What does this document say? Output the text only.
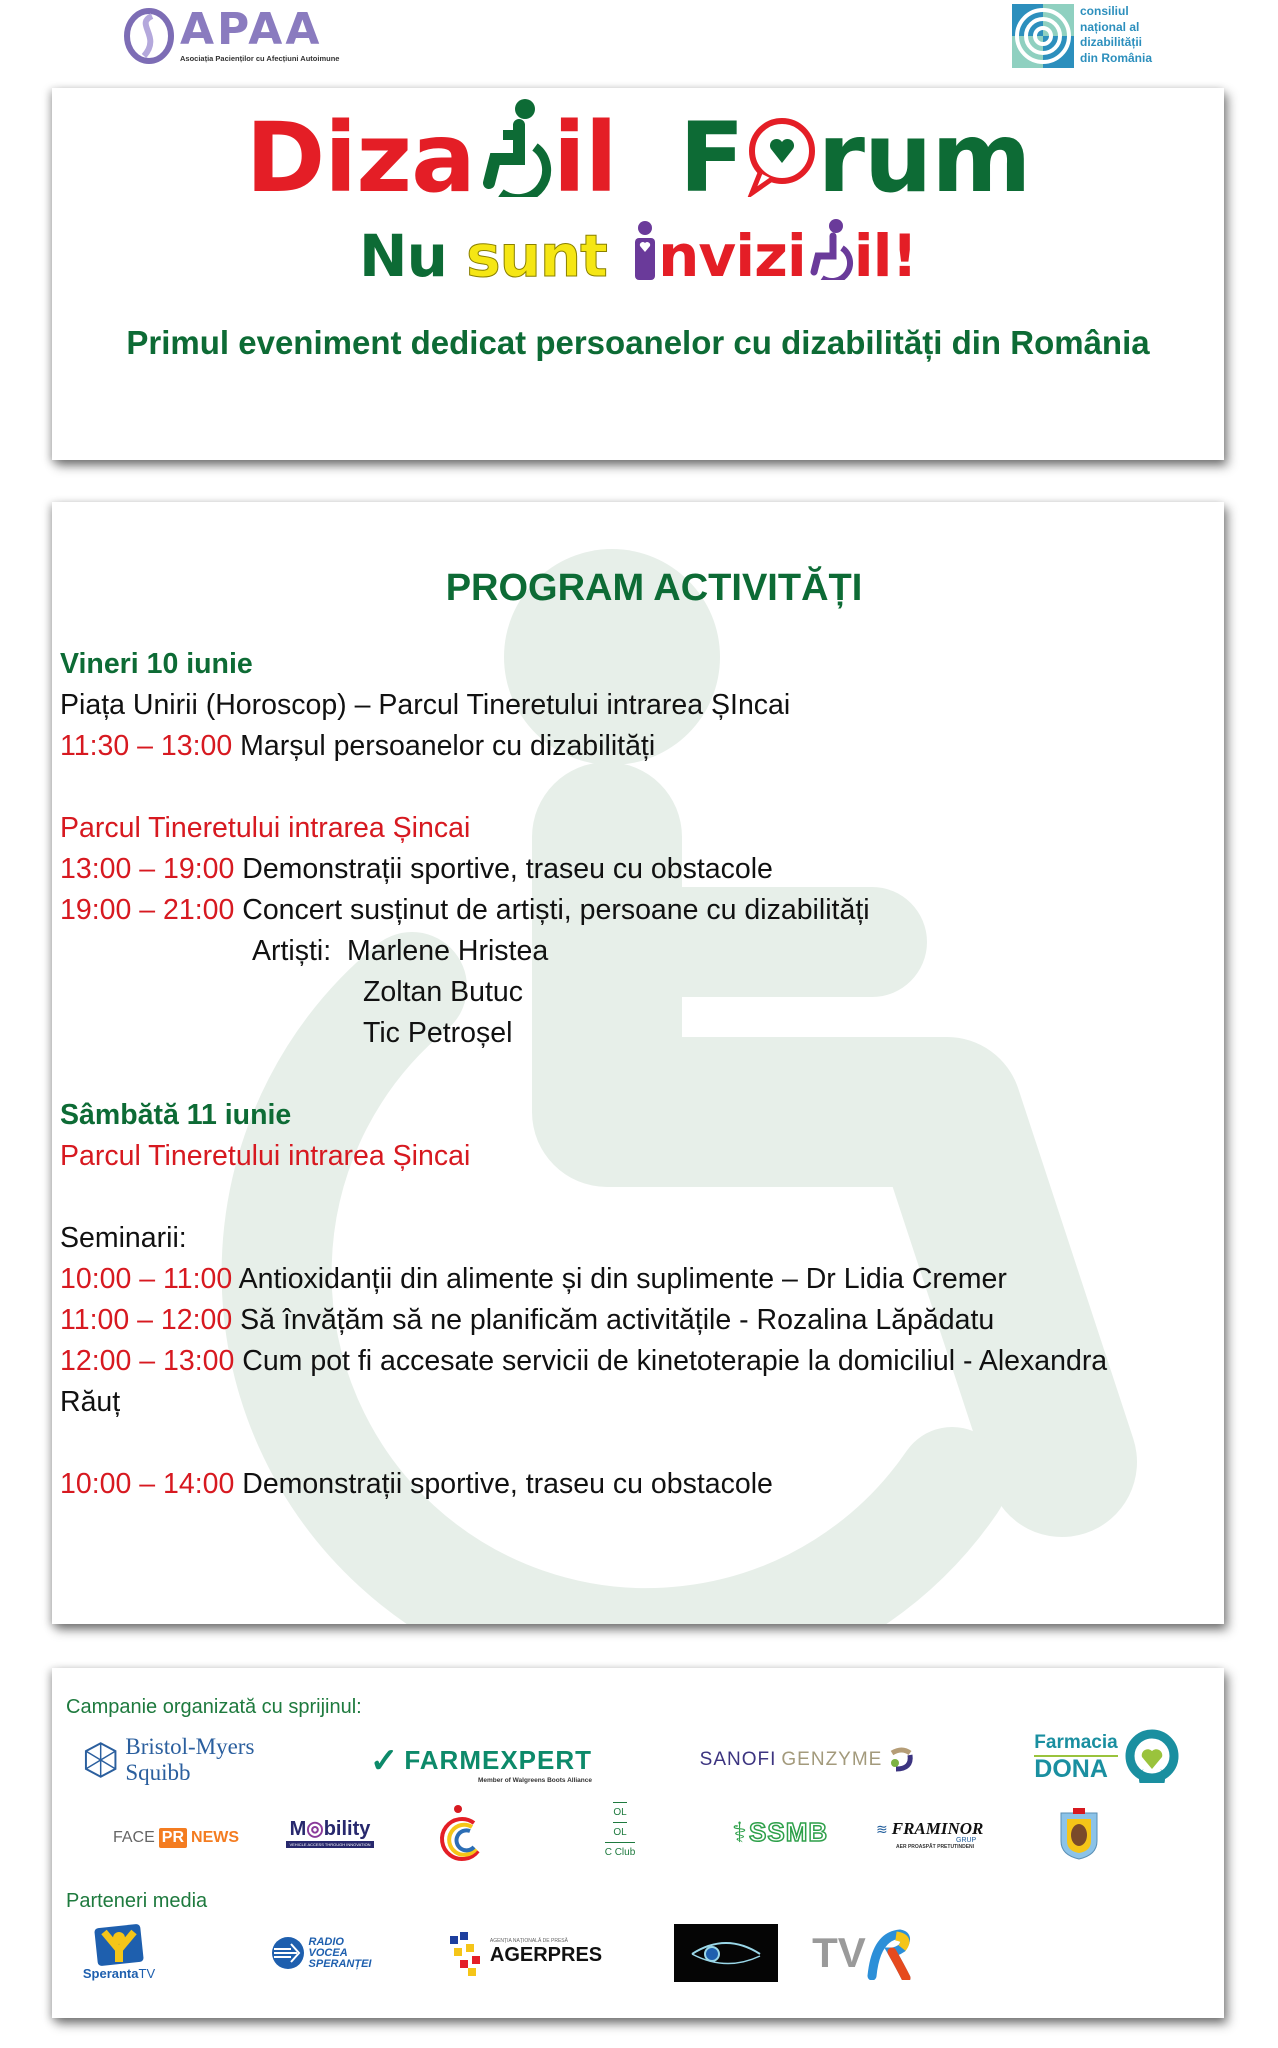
APAA
Asociația Pacienților cu Afecțiuni Autoimune
consiliul
național al
dizabilității
din România
Diza il F rum
Nu sunt nvizi il!
Primul eveniment dedicat persoanelor cu dizabilități din România
PROGRAM ACTIVITĂȚI
Vineri 10 iunie
Piața Unirii (Horoscop) – Parcul Tineretului intrarea ȘIncai
11:30 – 13:00 Marșul persoanelor cu dizabilități
Parcul Tineretului intrarea Șincai
13:00 – 19:00 Demonstrații sportive, traseu cu obstacole
19:00 – 21:00 Concert susținut de artiști, persoane cu dizabilități
Artiști: Marlene Hristea
Zoltan Butuc
Tic Petroșel
Sâmbătă 11 iunie
Parcul Tineretului intrarea Șincai
Seminarii:
10:00 – 11:00 Antioxidanții din alimente și din suplimente – Dr Lidia Cremer
11:00 – 12:00 Să învățăm să ne planificăm activitățile - Rozalina Lăpădatu
12:00 – 13:00 Cum pot fi accesate servicii de kinetoterapie la domiciliul - Alexandra
Răuț
10:00 – 14:00 Demonstrații sportive, traseu cu obstacole
Campanie organizată cu sprijinul:
Bristol-Myers Squibb	✓ FARMEXPERT
Member of Walgreens Boots Alliance
SANOFI GENZYME
Farmacia
DONA
FACE PR NEWS	M◎bility
VEHICLE ACCESS THROUGH INNOVATION
OL
OL
C Club
⚕ SSMB	≋ FRAMINOR
GRUP
AER PROASPĂT PRETUTINDENI
Parteneri media
SperantaTV
RADIO
VOCEA
SPERANȚEI
AGENȚIA NAȚIONALĂ DE PRESĂ
AGERPRES	TV
